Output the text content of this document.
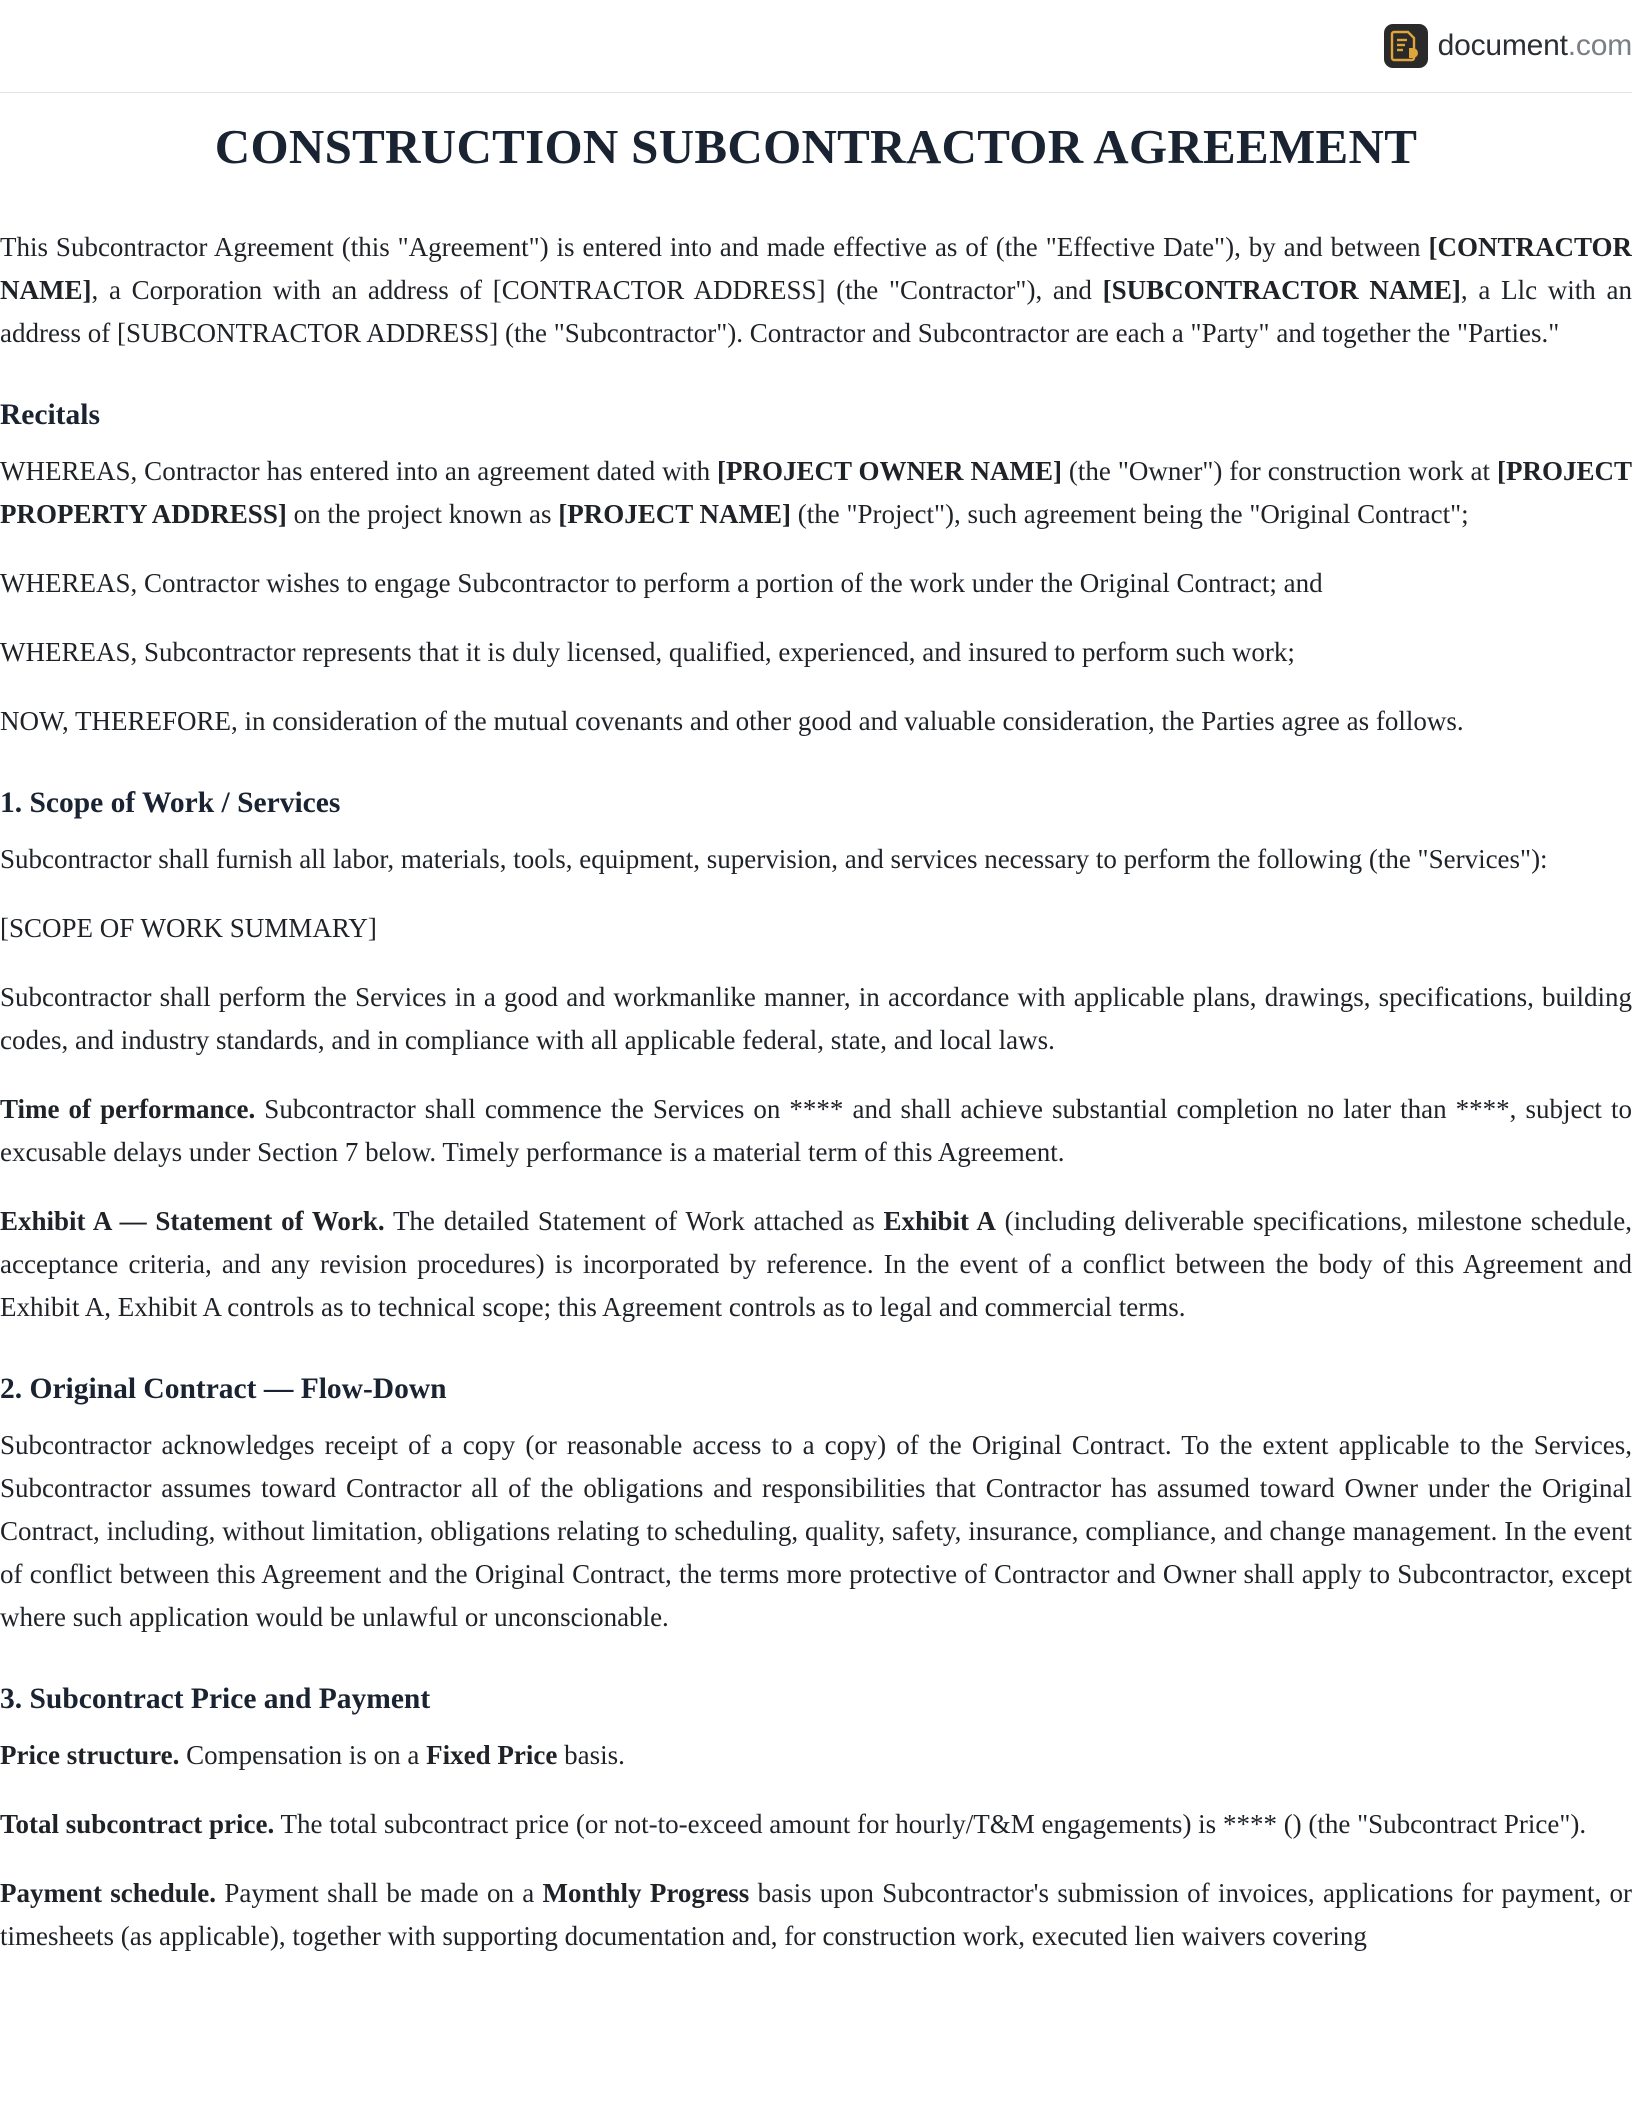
document.com
CONSTRUCTION SUBCONTRACTOR AGREEMENT

This Subcontractor Agreement (this "Agreement") is entered into and made effective as of (the "Effective Date"), by and between [CONTRACTOR NAME], a Corporation with an address of [CONTRACTOR ADDRESS] (the "Contractor"), and [SUBCONTRACTOR NAME], a Llc with an address of [SUBCONTRACTOR ADDRESS] (the "Subcontractor"). Contractor and Subcontractor are each a "Party" and together the "Parties."

Recitals

WHEREAS, Contractor has entered into an agreement dated with [PROJECT OWNER NAME] (the "Owner") for construction work at [PROJECT PROPERTY ADDRESS] on the project known as [PROJECT NAME] (the "Project"), such agreement being the "Original Contract";

WHEREAS, Contractor wishes to engage Subcontractor to perform a portion of the work under the Original Contract; and

WHEREAS, Subcontractor represents that it is duly licensed, qualified, experienced, and insured to perform such work;

NOW, THEREFORE, in consideration of the mutual covenants and other good and valuable consideration, the Parties agree as follows.

1. Scope of Work / Services

Subcontractor shall furnish all labor, materials, tools, equipment, supervision, and services necessary to perform the following (the "Services"):

[SCOPE OF WORK SUMMARY]

Subcontractor shall perform the Services in a good and workmanlike manner, in accordance with applicable plans, drawings, specifications, building codes, and industry standards, and in compliance with all applicable federal, state, and local laws.

Time of performance. Subcontractor shall commence the Services on **** and shall achieve substantial completion no later than ****, subject to excusable delays under Section 7 below. Timely performance is a material term of this Agreement.

Exhibit A — Statement of Work. The detailed Statement of Work attached as Exhibit A (including deliverable specifications, milestone schedule, acceptance criteria, and any revision procedures) is incorporated by reference. In the event of a conflict between the body of this Agreement and Exhibit A, Exhibit A controls as to technical scope; this Agreement controls as to legal and commercial terms.

2. Original Contract — Flow-Down

Subcontractor acknowledges receipt of a copy (or reasonable access to a copy) of the Original Contract. To the extent applicable to the Services, Subcontractor assumes toward Contractor all of the obligations and responsibilities that Contractor has assumed toward Owner under the Original Contract, including, without limitation, obligations relating to scheduling, quality, safety, insurance, compliance, and change management. In the event of conflict between this Agreement and the Original Contract, the terms more protective of Contractor and Owner shall apply to Subcontractor, except where such application would be unlawful or unconscionable.

3. Subcontract Price and Payment

Price structure. Compensation is on a Fixed Price basis.

Total subcontract price. The total subcontract price (or not-to-exceed amount for hourly/T&M engagements) is **** () (the "Subcontract Price").

Payment schedule. Payment shall be made on a Monthly Progress basis upon Subcontractor's submission of invoices, applications for payment, or timesheets (as applicable), together with supporting documentation and, for construction work, executed lien waivers covering
